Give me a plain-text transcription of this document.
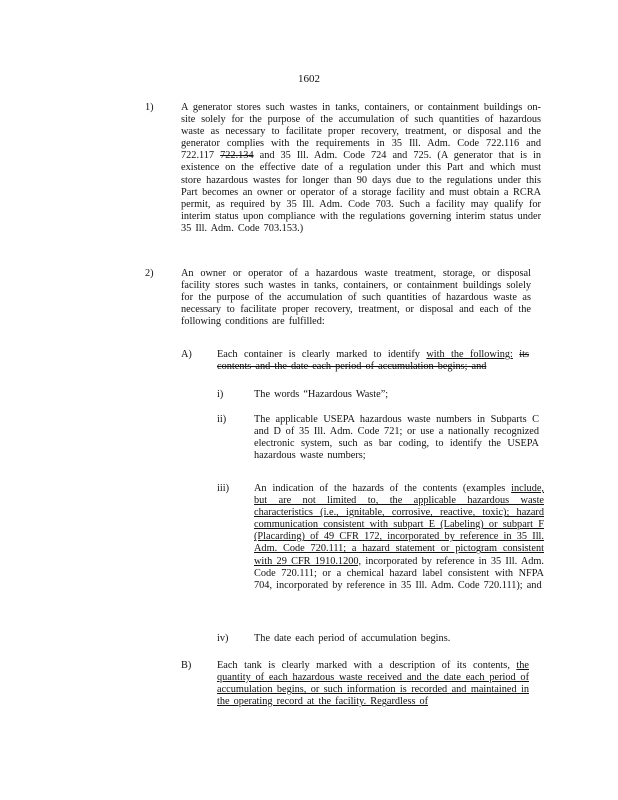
1602
1)	A generator stores such wastes in tanks, containers, or containment buildings on-site solely for the purpose of the accumulation of such quantities of hazardous waste as necessary to facilitate proper recovery, treatment, or disposal and the generator complies with the requirements in 35 Ill. Adm. Code 722.116 and 722.117 722.134 and 35 Ill. Adm. Code 724 and 725. (A generator that is in existence on the effective date of a regulation under this Part and which must store hazardous wastes for longer than 90 days due to the regulations under this Part becomes an owner or operator of a storage facility and must obtain a RCRA permit, as required by 35 Ill. Adm. Code 703. Such a facility may qualify for interim status upon compliance with the regulations governing interim status under 35 Ill. Adm. Code 703.153.)
2)	An owner or operator of a hazardous waste treatment, storage, or disposal facility stores such wastes in tanks, containers, or containment buildings solely for the purpose of the accumulation of such quantities of hazardous waste as necessary to facilitate proper recovery, treatment, or disposal and each of the following conditions are fulfilled:
A) Each container is clearly marked to identify with the following: its contents and the date each period of accumulation begins; and
i)	The words “Hazardous Waste”;
ii)	The applicable USEPA hazardous waste numbers in Subparts C and D of 35 Ill. Adm. Code 721; or use a nationally recognized electronic system, such as bar coding, to identify the USEPA hazardous waste numbers;
iii) An indication of the hazards of the contents (examples include, but are not limited to, the applicable hazardous waste characteristics (i.e., ignitable, corrosive, reactive, toxic); hazard communication consistent with subpart E (Labeling) or subpart F (Placarding) of 49 CFR 172, incorporated by reference in 35 Ill. Adm. Code 720.111; a hazard statement or pictogram consistent with 29 CFR 1910.1200, incorporated by reference in 35 Ill. Adm. Code 720.111; or a chemical hazard label consistent with NFPA 704, incorporated by reference in 35 Ill. Adm. Code 720.111); and
iv) The date each period of accumulation begins.
B) Each tank is clearly marked with a description of its contents, the quantity of each hazardous waste received and the date each period of accumulation begins, or such information is recorded and maintained in the operating record at the facility. Regardless of
